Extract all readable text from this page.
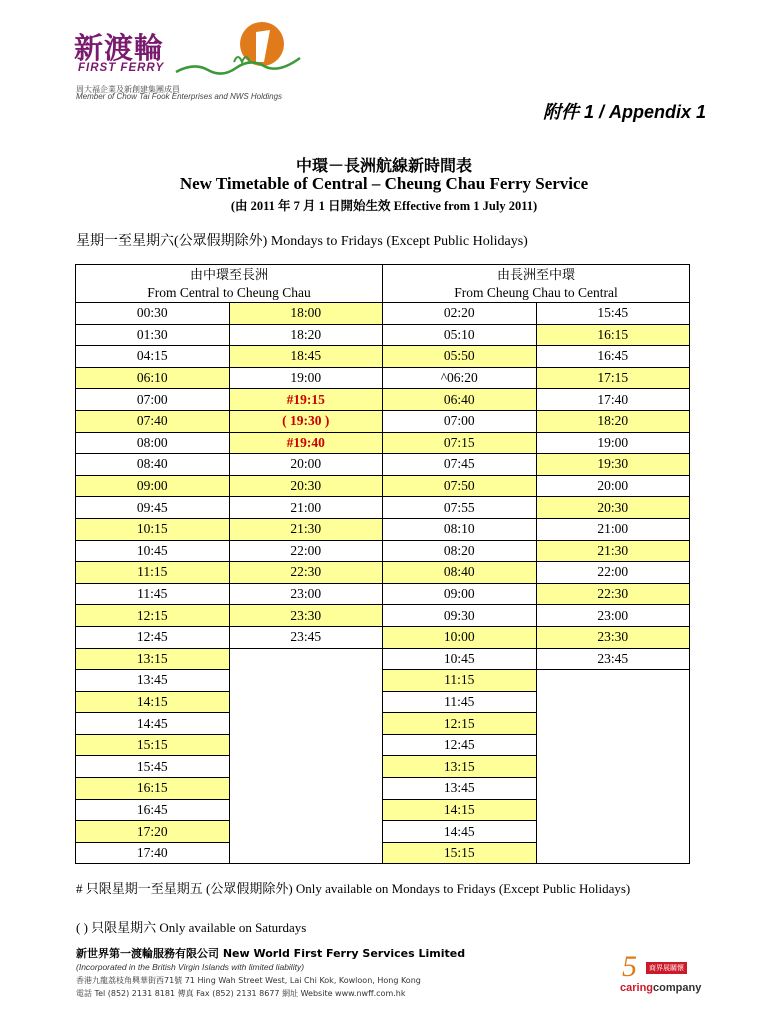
新渡輪
FIRST FERRY
周大福企業及新創建集團成員
Member of Chow Tai Fook Enterprises and NWS Holdings
附件 1 / Appendix 1
中環－長洲航線新時間表
New Timetable of Central – Cheung Chau Ferry Service
(由 2011 年 7 月 1 日開始生效 Effective from 1 July 2011)
星期一至星期六(公眾假期除外) Mondays to Fridays (Except Public Holidays)
由中環至長洲
From Central to Cheung Chau		由長洲至中環
From Cheung Chau to Central	
00:30	18:00	02:20	15:45
01:30	18:20	05:10	16:15
04:15	18:45	05:50	16:45
06:10	19:00	^06:20	17:15
07:00	#19:15	06:40	17:40
07:40	( 19:30 )	07:00	18:20
08:00	#19:40	07:15	19:00
08:40	20:00	07:45	19:30
09:00	20:30	07:50	20:00
09:45	21:00	07:55	20:30
10:15	21:30	08:10	21:00
10:45	22:00	08:20	21:30
11:15	22:30	08:40	22:00
11:45	23:00	09:00	22:30
12:15	23:30	09:30	23:00
12:45	23:45	10:00	23:30
13:15		10:45	23:45
13:45		11:15	
14:15		11:45	
14:45		12:15	
15:15		12:45	
15:45		13:15	
16:15		13:45	
16:45		14:15	
17:20		14:45	
17:40		15:15	
# 只限星期一至星期五 (公眾假期除外) Only available on Mondays to Fridays (Except Public Holidays)
( ) 只限星期六 Only available on Saturdays
新世界第一渡輪服務有限公司 New World First Ferry Services Limited
(Incorporated in the British Virgin Islands with limited liability)
香港九龍荔枝角興華街西71號 71 Hing Wah Street West, Lai Chi Kok, Kowloon, Hong Kong
電話 Tel (852) 2131 8181 傳真 Fax (852) 2131 8677 網址 Website www.nwff.com.hk
5	商界展關懷
caringcompany
